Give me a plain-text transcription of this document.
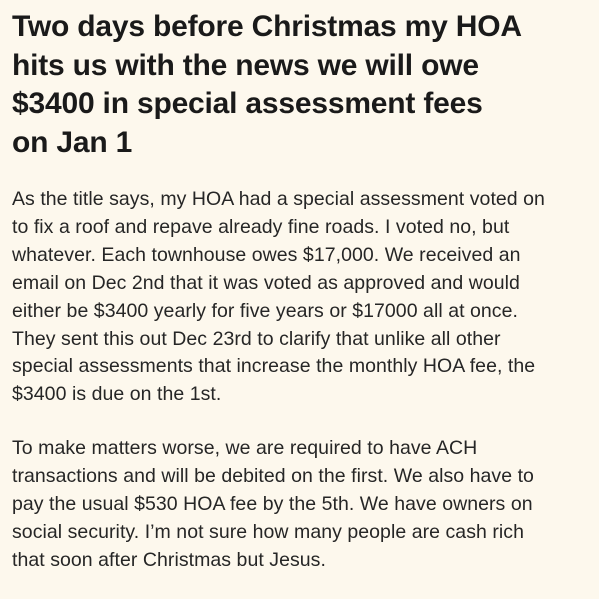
Two days before Christmas my HOA
hits us with the news we will owe
$3400 in special assessment fees
on Jan 1

As the title says, my HOA had a special assessment voted on
to fix a roof and repave already fine roads. I voted no, but
whatever. Each townhouse owes $17,000. We received an
email on Dec 2nd that it was voted as approved and would
either be $3400 yearly for five years or $17000 all at once.
They sent this out Dec 23rd to clarify that unlike all other
special assessments that increase the monthly HOA fee, the
$3400 is due on the 1st.

To make matters worse, we are required to have ACH
transactions and will be debited on the first. We also have to
pay the usual $530 HOA fee by the 5th. We have owners on
social security. I’m not sure how many people are cash rich
that soon after Christmas but Jesus.
